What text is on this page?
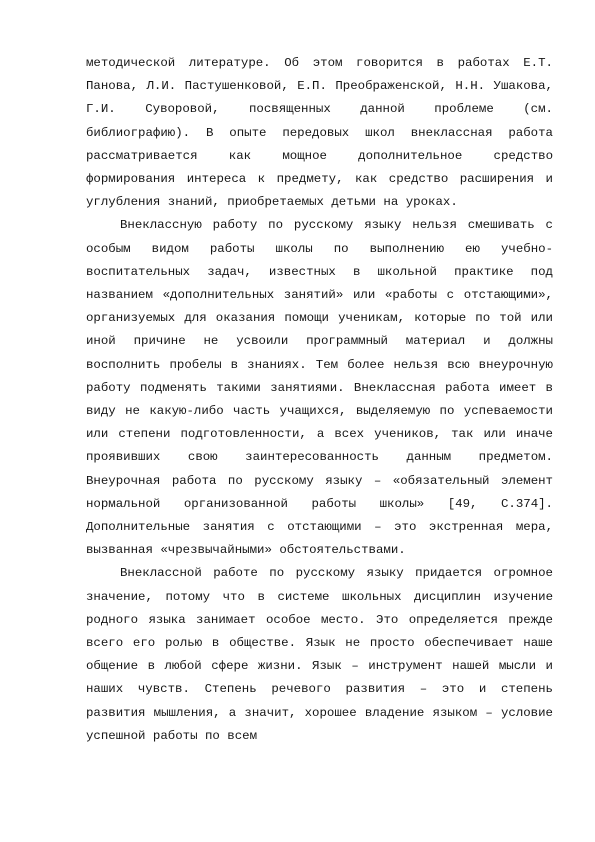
методической литературе. Об этом говорится в работах Е.Т. Панова, Л.И. Пастушенковой, Е.П. Преображенской, Н.Н. Ушакова, Г.И. Суворовой, посвященных данной проблеме (см. библиографию). В опыте передовых школ внеклассная работа рассматривается как мощное дополнительное средство формирования интереса к предмету, как средство расширения и углубления знаний, приобретаемых детьми на уроках.

Внеклассную работу по русскому языку нельзя смешивать с особым видом работы школы по выполнению ею учебно-воспитательных задач, известных в школьной практике под названием «дополнительных занятий» или «работы с отстающими», организуемых для оказания помощи ученикам, которые по той или иной причине не усвоили программный материал и должны восполнить пробелы в знаниях. Тем более нельзя всю внеурочную работу подменять такими занятиями. Внеклассная работа имеет в виду не какую-либо часть учащихся, выделяемую по успеваемости или степени подготовленности, а всех учеников, так или иначе проявивших свою заинтересованность данным предметом. Внеурочная работа по русскому языку – «обязательный элемент нормальной организованной работы школы» [49, С.374]. Дополнительные занятия с отстающими – это экстренная мера, вызванная «чрезвычайными» обстоятельствами.

Внеклассной работе по русскому языку придается огромное значение, потому что в системе школьных дисциплин изучение родного языка занимает особое место. Это определяется прежде всего его ролью в обществе. Язык не просто обеспечивает наше общение в любой сфере жизни. Язык – инструмент нашей мысли и наших чувств. Степень речевого развития – это и степень развития мышления, а значит, хорошее владение языком – условие успешной работы по всем
